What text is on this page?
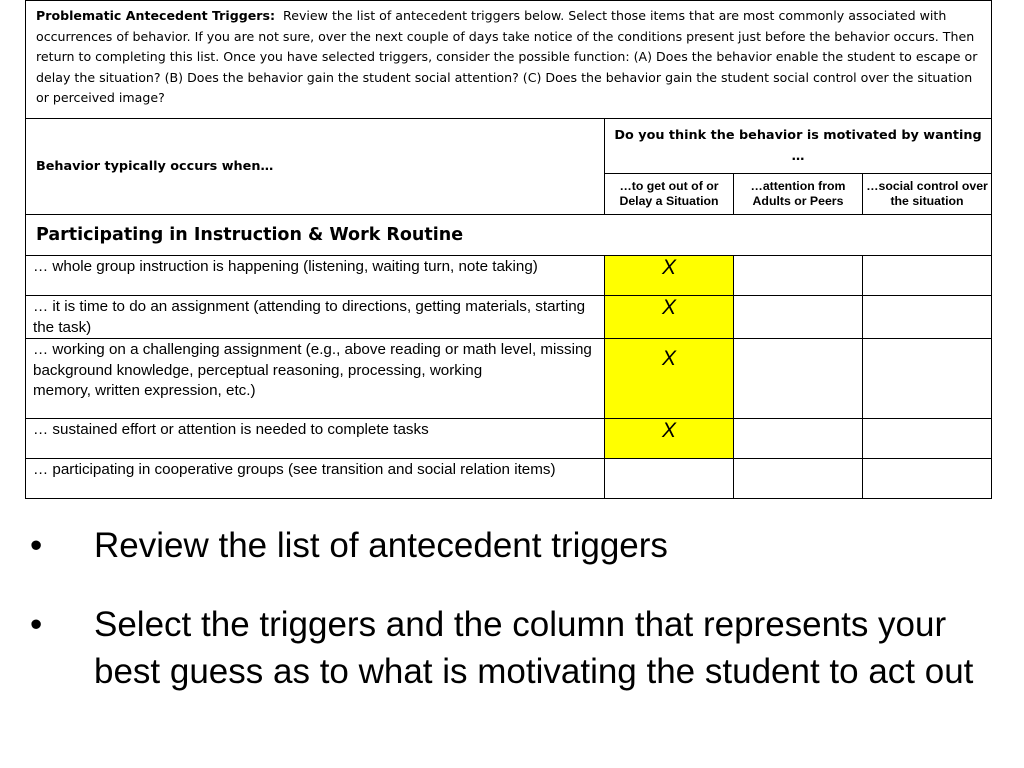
Problematic Antecedent Triggers: Review the list of antecedent triggers below. Select those items that are most commonly associated with occurrences of behavior. If you are not sure, over the next couple of days take notice of the conditions present just before the behavior occurs. Then return to completing this list. Once you have selected triggers, consider the possible function: (A) Does the behavior enable the student to escape or delay the situation? (B) Does the behavior gain the student social attention? (C) Does the behavior gain the student social control over the situation or perceived image?			
Behavior typically occurs when…	Do you think the behavior is motivated by wanting …		
	…to get out of or Delay a Situation	…attention from Adults or Peers	…social control over the situation
Participating in Instruction & Work Routine			
… whole group instruction is happening (listening, waiting turn, note taking)	X		
… it is time to do an assignment (attending to directions, getting materials, starting the task)	X		
… working on a challenging assignment (e.g., above reading or math level, missing background knowledge, perceptual reasoning, processing, working
memory, written expression, etc.)	X		
… sustained effort or attention is needed to complete tasks	X		
… participating in cooperative groups (see transition and social relation items)			
• Review the list of antecedent triggers
• Select the triggers and the column that represents your best guess as to what is motivating the student to act out
